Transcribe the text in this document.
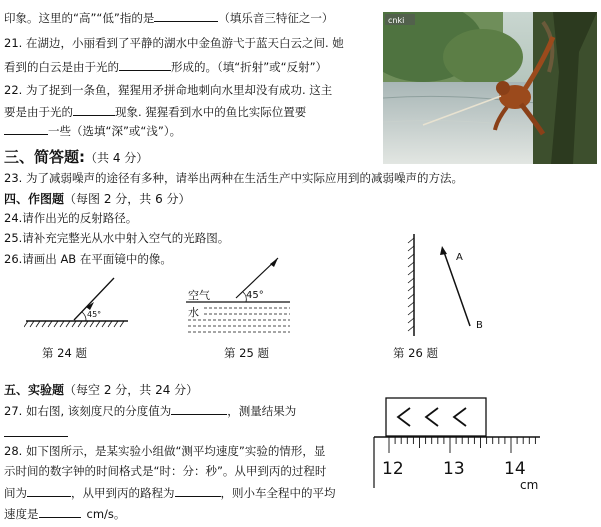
印象。这里的“高”“低”指的是	（填乐音三特征之一）
21. 在湖边，小丽看到了平静的湖水中金鱼游弋于蓝天白云之间. 她
看到的白云是由于光的	形成的。（填“折射”或“反射”）
22. 为了捉到一条鱼，猩猩用矛拼命地刺向水里却没有成功. 这主
要是由于光的	现象. 猩猩看到水中的鱼比实际位置要
一些（选填“深”或“浅”）。
cnki
三、简答题:（共 4 分）
23. 为了减弱噪声的途径有多种，请举出两种在生活生产中实际应用到的减弱噪声的方法。
四、作图题（每图 2 分，共 6 分）
24.请作出光的反射路径。
25.请补充完整光从水中射入空气的光路图。
26.请画出 AB 在平面镜中的像。
45°
第 24 题
45°
空气
水
第 25 题
A
B
第 26 题
五、实验题（每空 2 分，共 24 分）
27. 如右图, 该刻度尺的分度值为	，测量结果为
28. 如下图所示，是某实验小组做“测平均速度”实验的情形，显
示时间的数字钟的时间格式是“时：分：秒”。从甲到丙的过程时
间为	，从甲到丙的路程为	，则小车全程中的平均
速度是	cm/s。
12 13 14
cm
